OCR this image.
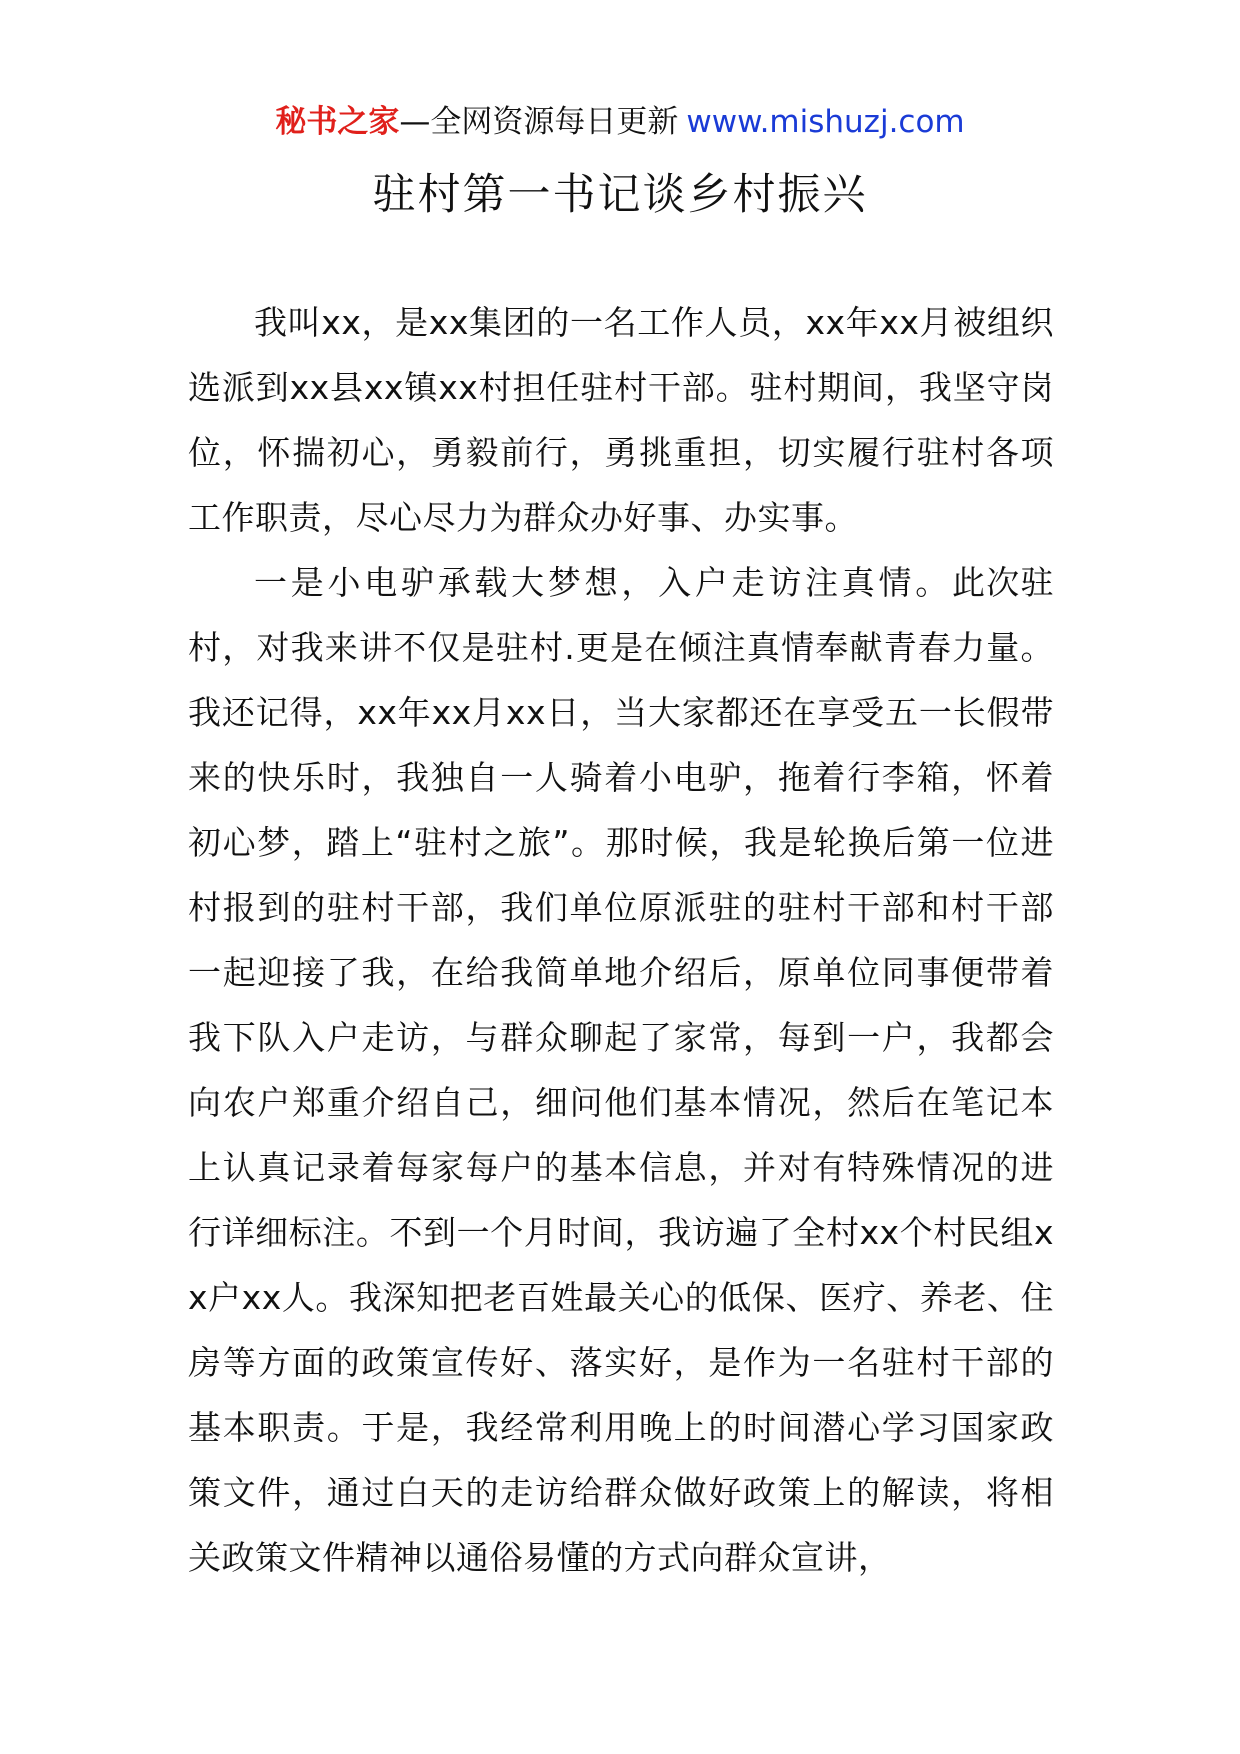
秘书之家—全网资源每日更新 www.mishuzj.com
驻村第一书记谈乡村振兴

我叫xx，是xx集团的一名工作人员，xx年xx月被组织选派到xx县xx镇xx村担任驻村干部。驻村期间，我坚守岗位，怀揣初心，勇毅前行，勇挑重担，切实履行驻村各项工作职责，尽心尽力为群众办好事、办实事。

一是小电驴承载大梦想，入户走访注真情。此次驻村，对我来讲不仅是驻村.更是在倾注真情奉献青春力量。我还记得，xx年xx月xx日，当大家都还在享受五一长假带来的快乐时，我独自一人骑着小电驴，拖着行李箱，怀着初心梦，踏上“驻村之旅”。那时候，我是轮换后第一位进村报到的驻村干部，我们单位原派驻的驻村干部和村干部一起迎接了我，在给我简单地介绍后，原单位同事便带着我下队入户走访，与群众聊起了家常，每到一户，我都会向农户郑重介绍自己，细问他们基本情况，然后在笔记本上认真记录着每家每户的基本信息，并对有特殊情况的进行详细标注。不到一个月时间，我访遍了全村xx个村民组xx户xx人。我深知把老百姓最关心的低保、医疗、养老、住房等方面的政策宣传好、落实好，是作为一名驻村干部的基本职责。于是，我经常利用晚上的时间潜心学习国家政策文件，通过白天的走访给群众做好政策上的解读，将相关政策文件精神以通俗易懂的方式向群众宣讲，
